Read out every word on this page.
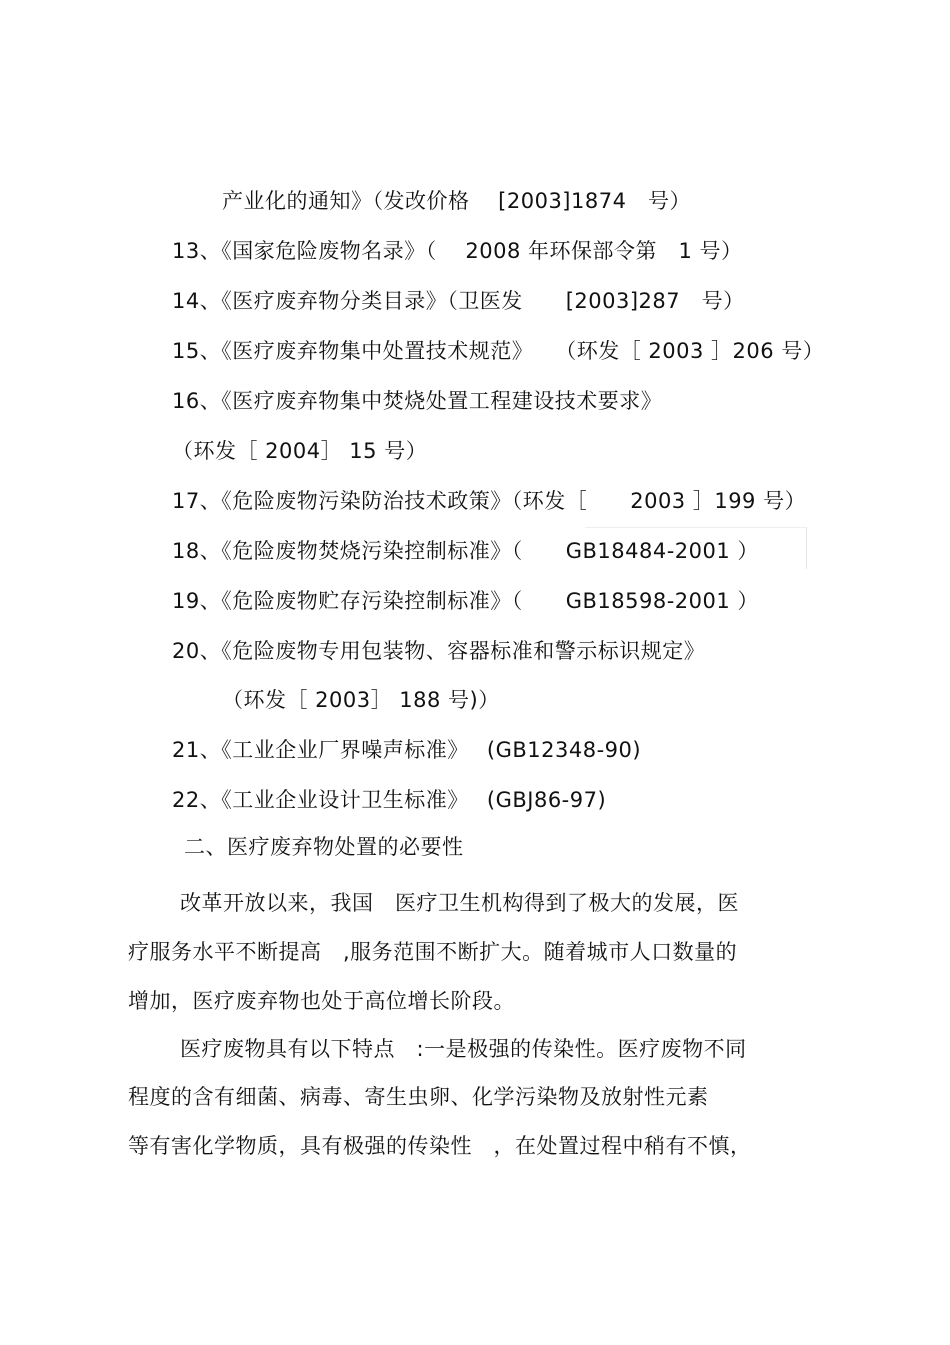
产业化的通知》（发改价格　 [2003]1874　号）
13、《国家危险废物名录》（　 2008 年环保部令第　1 号）
14、《医疗废弃物分类目录》（卫医发　　[2003]287　号）
15、《医疗废弃物集中处置技术规范》　　（环发［ 2003 ］206 号）
16、《医疗废弃物集中焚烧处置工程建设技术要求》
（环发［ 2004］ 15 号）
17、《危险废物污染防治技术政策》（环发［　　2003 ］199 号）
18、《危险废物焚烧污染控制标准》（　　GB18484-2001 ）
19、《危险废物贮存污染控制标准》（　　GB18598-2001 ）
20、《危险废物专用包装物、容器标准和警示标识规定》
（环发［ 2003］ 188 号)）
21、《工业企业厂界噪声标准》　 (GB12348-90)
22、《工业企业设计卫生标准》　 (GBJ86-97)
二、医疗废弃物处置的必要性
改革开放以来，我国　医疗卫生机构得到了极大的发展，医
疗服务水平不断提高　,服务范围不断扩大。随着城市人口数量的
增加，医疗废弃物也处于高位增长阶段。
医疗废物具有以下特点　:一是极强的传染性。医疗废物不同
程度的含有细菌、病毒、寄生虫卵、化学污染物及放射性元素
等有害化学物质，具有极强的传染性　，在处置过程中稍有不慎，
